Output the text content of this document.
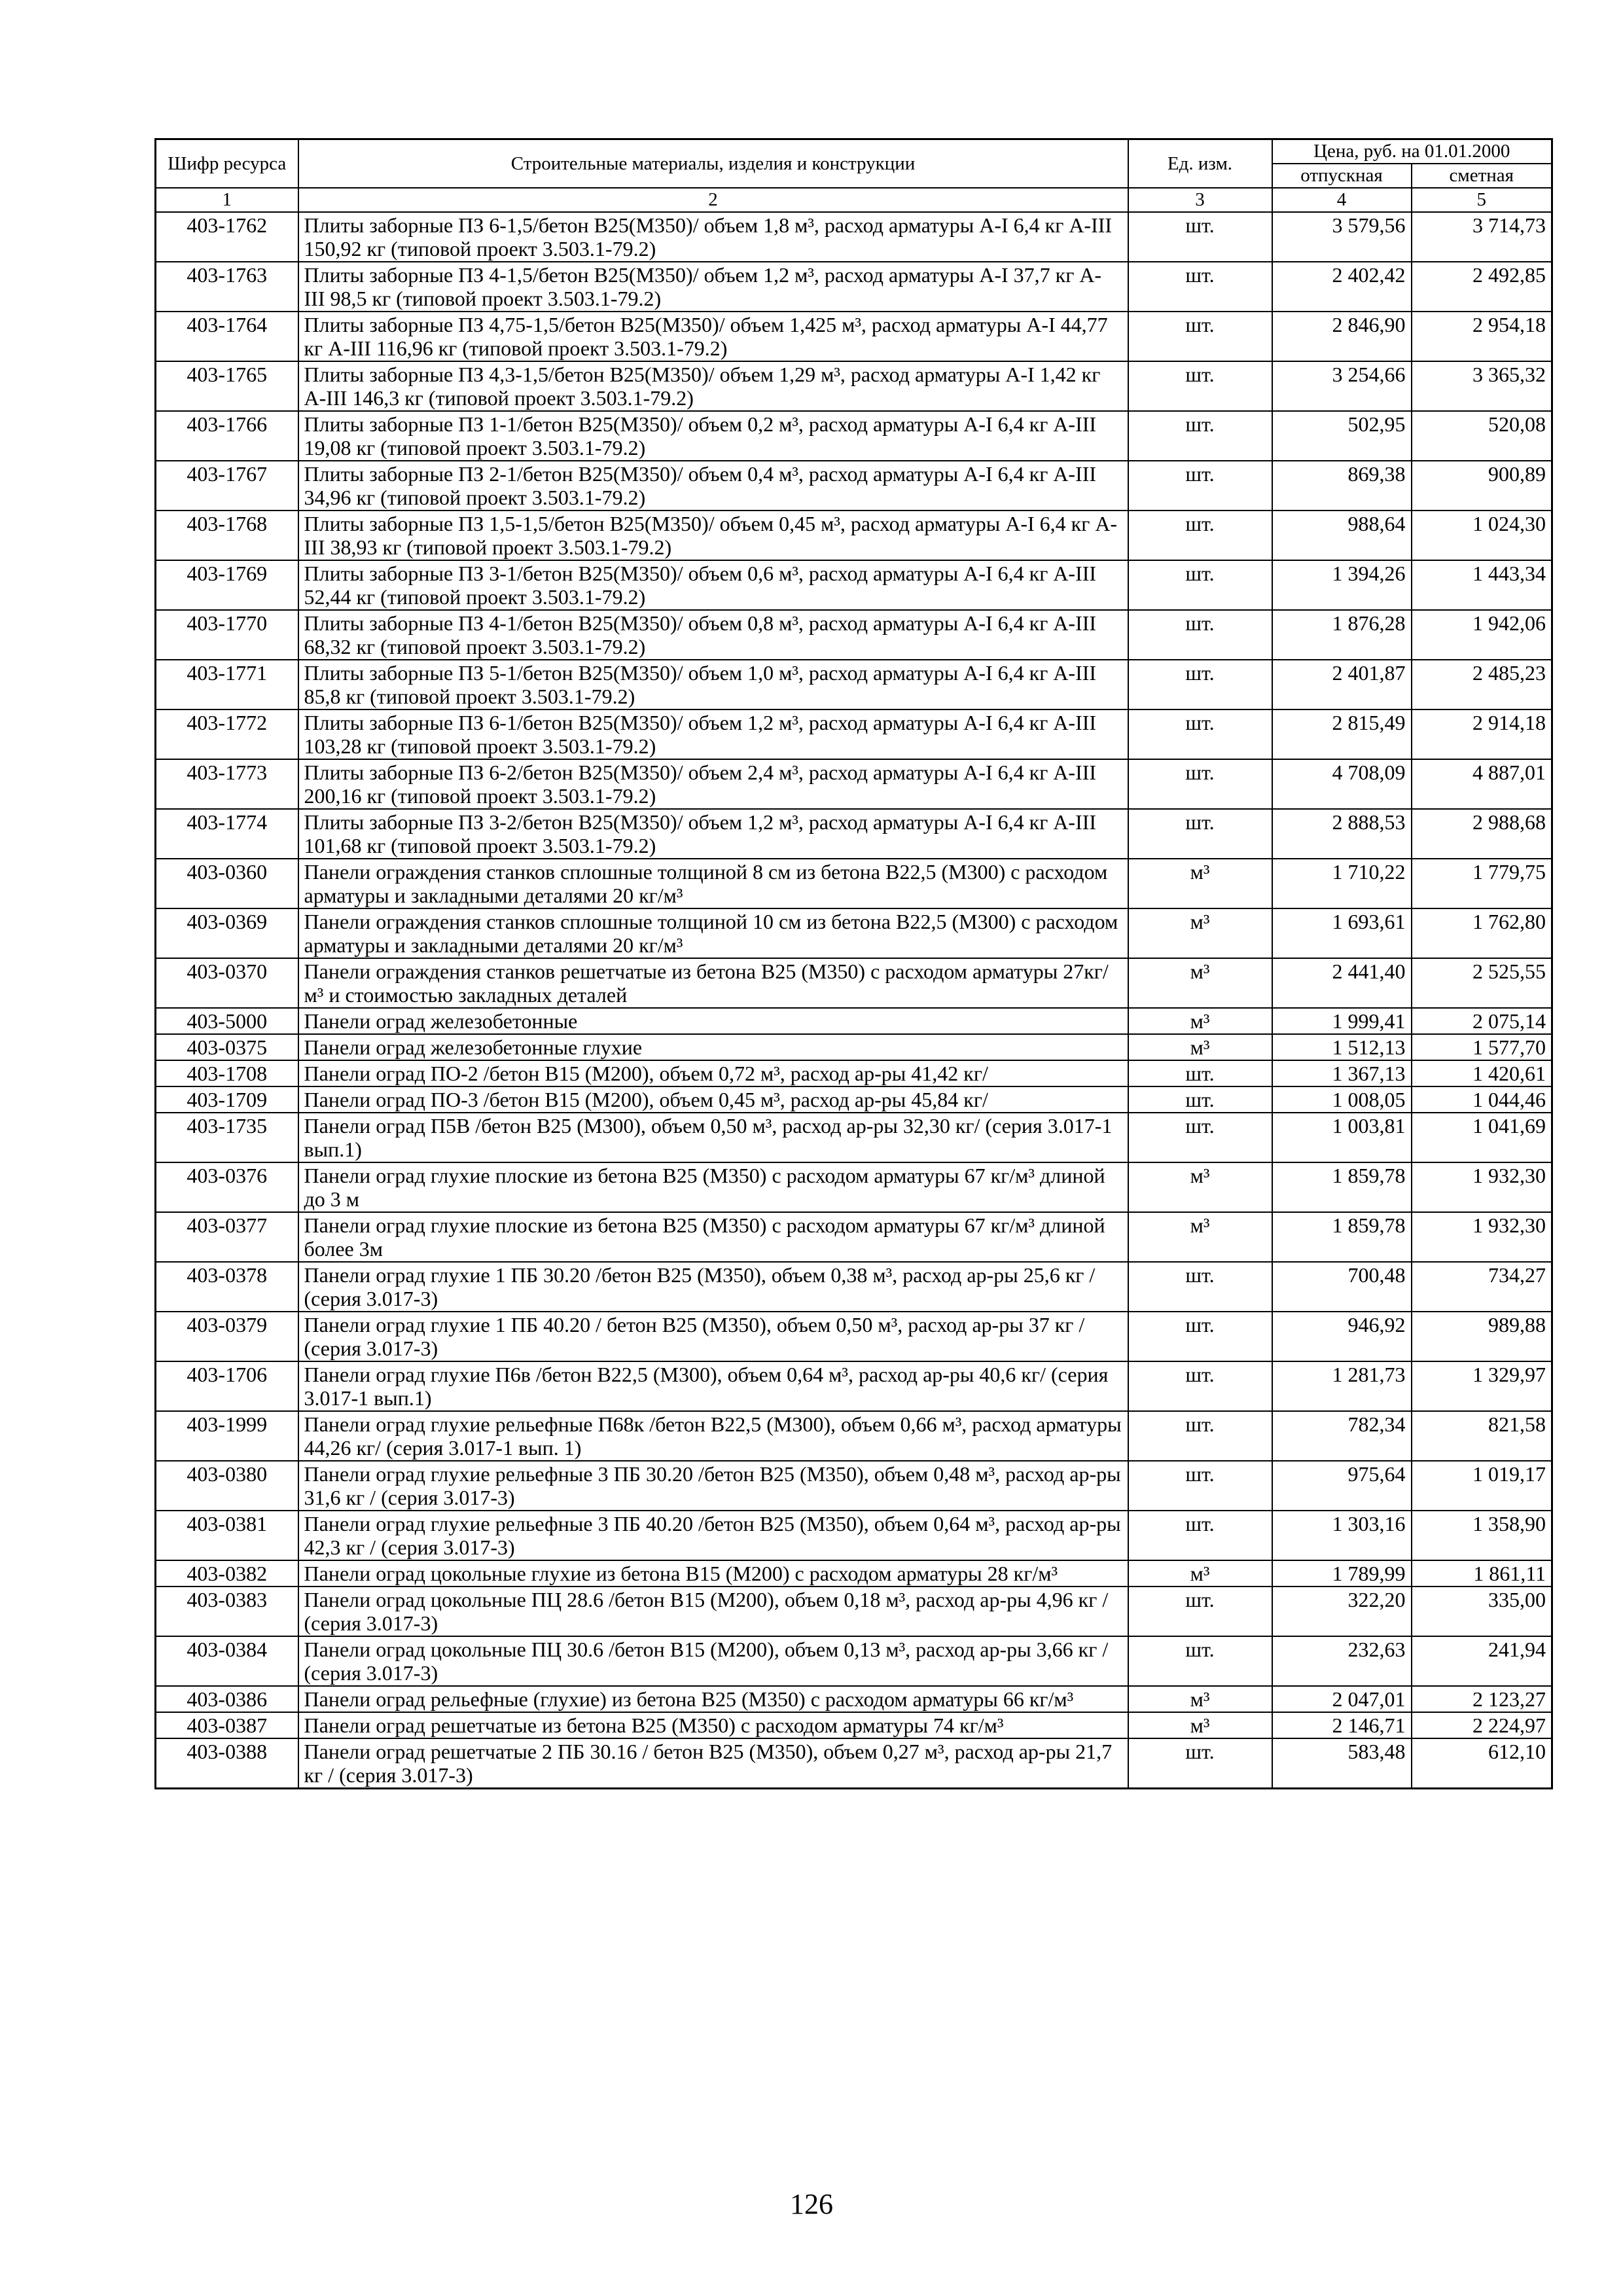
Шифр ресурса	Строительные материалы, изделия и конструкции	Ед. изм.	Цена, руб. на 01.01.2000	
			отпускная	сметная
1	2	3	4	5
403-1762	Плиты заборные ПЗ 6-1,5/бетон В25(М350)/ объем 1,8 м³, расход арматуры А-I 6,4 кг А-III 150,92 кг (типовой проект 3.503.1-79.2)	шт.	3 579,56	3 714,73
403-1763	Плиты заборные ПЗ 4-1,5/бетон В25(М350)/ объем 1,2 м³, расход арматуры А-I 37,7 кг А-III 98,5 кг (типовой проект 3.503.1-79.2)	шт.	2 402,42	2 492,85
403-1764	Плиты заборные ПЗ 4,75-1,5/бетон В25(М350)/ объем 1,425 м³, расход арматуры А-I 44,77 кг А-III 116,96 кг (типовой проект 3.503.1-79.2)	шт.	2 846,90	2 954,18
403-1765	Плиты заборные ПЗ 4,3-1,5/бетон В25(М350)/ объем 1,29 м³, расход арматуры А-I 1,42 кг А-III 146,3 кг (типовой проект 3.503.1-79.2)	шт.	3 254,66	3 365,32
403-1766	Плиты заборные ПЗ 1-1/бетон В25(М350)/ объем 0,2 м³, расход арматуры А-I 6,4 кг А-III 19,08 кг (типовой проект 3.503.1-79.2)	шт.	502,95	520,08
403-1767	Плиты заборные ПЗ 2-1/бетон В25(М350)/ объем 0,4 м³, расход арматуры А-I 6,4 кг А-III 34,96 кг (типовой проект 3.503.1-79.2)	шт.	869,38	900,89
403-1768	Плиты заборные ПЗ 1,5-1,5/бетон В25(М350)/ объем 0,45 м³, расход арматуры А-I 6,4 кг А-III 38,93 кг (типовой проект 3.503.1-79.2)	шт.	988,64	1 024,30
403-1769	Плиты заборные ПЗ 3-1/бетон В25(М350)/ объем 0,6 м³, расход арматуры А-I 6,4 кг А-III 52,44 кг (типовой проект 3.503.1-79.2)	шт.	1 394,26	1 443,34
403-1770	Плиты заборные ПЗ 4-1/бетон В25(М350)/ объем 0,8 м³, расход арматуры А-I 6,4 кг А-III 68,32 кг (типовой проект 3.503.1-79.2)	шт.	1 876,28	1 942,06
403-1771	Плиты заборные ПЗ 5-1/бетон В25(М350)/ объем 1,0 м³, расход арматуры А-I 6,4 кг А-III 85,8 кг (типовой проект 3.503.1-79.2)	шт.	2 401,87	2 485,23
403-1772	Плиты заборные ПЗ 6-1/бетон В25(М350)/ объем 1,2 м³, расход арматуры А-I 6,4 кг А-III 103,28 кг (типовой проект 3.503.1-79.2)	шт.	2 815,49	2 914,18
403-1773	Плиты заборные ПЗ 6-2/бетон В25(М350)/ объем 2,4 м³, расход арматуры А-I 6,4 кг А-III 200,16 кг (типовой проект 3.503.1-79.2)	шт.	4 708,09	4 887,01
403-1774	Плиты заборные ПЗ 3-2/бетон В25(М350)/ объем 1,2 м³, расход арматуры А-I 6,4 кг А-III 101,68 кг (типовой проект 3.503.1-79.2)	шт.	2 888,53	2 988,68
403-0360	Панели ограждения станков сплошные толщиной 8 см из бетона В22,5 (М300) с расходом арматуры и закладными деталями 20 кг/м³	м³	1 710,22	1 779,75
403-0369	Панели ограждения станков сплошные толщиной 10 см из бетона В22,5 (М300) с расходом арматуры и закладными деталями 20 кг/м³	м³	1 693,61	1 762,80
403-0370	Панели ограждения станков решетчатые из бетона В25 (М350) с расходом арматуры 27кг/м³ и стоимостью закладных деталей	м³	2 441,40	2 525,55
403-5000	Панели оград железобетонные	м³	1 999,41	2 075,14
403-0375	Панели оград железобетонные глухие	м³	1 512,13	1 577,70
403-1708	Панели оград ПО-2 /бетон В15 (М200), объем 0,72 м³, расход ар-ры 41,42 кг/	шт.	1 367,13	1 420,61
403-1709	Панели оград ПО-3 /бетон В15 (М200), объем 0,45 м³, расход ар-ры 45,84 кг/	шт.	1 008,05	1 044,46
403-1735	Панели оград П5В /бетон В25 (М300), объем 0,50 м³, расход ар-ры 32,30 кг/ (серия 3.017-1 вып.1)	шт.	1 003,81	1 041,69
403-0376	Панели оград глухие плоские из бетона В25 (М350) с расходом арматуры 67 кг/м³ длиной до 3 м	м³	1 859,78	1 932,30
403-0377	Панели оград глухие плоские из бетона В25 (М350) с расходом арматуры 67 кг/м³ длиной более 3м	м³	1 859,78	1 932,30
403-0378	Панели оград глухие 1 ПБ 30.20 /бетон В25 (М350), объем 0,38 м³, расход ар-ры 25,6 кг / (серия 3.017-3)	шт.	700,48	734,27
403-0379	Панели оград глухие 1 ПБ 40.20 / бетон В25 (М350), объем 0,50 м³, расход ар-ры 37 кг / (серия 3.017-3)	шт.	946,92	989,88
403-1706	Панели оград глухие П6в /бетон В22,5 (М300), объем 0,64 м³, расход ар-ры 40,6 кг/ (серия 3.017-1 вып.1)	шт.	1 281,73	1 329,97
403-1999	Панели оград глухие рельефные П68к /бетон В22,5 (М300), объем 0,66 м³, расход арматуры 44,26 кг/ (серия 3.017-1 вып. 1)	шт.	782,34	821,58
403-0380	Панели оград глухие рельефные 3 ПБ 30.20 /бетон В25 (М350), объем 0,48 м³, расход ар-ры 31,6 кг / (серия 3.017-3)	шт.	975,64	1 019,17
403-0381	Панели оград глухие рельефные 3 ПБ 40.20 /бетон В25 (М350), объем 0,64 м³, расход ар-ры 42,3 кг / (серия 3.017-3)	шт.	1 303,16	1 358,90
403-0382	Панели оград цокольные глухие из бетона В15 (М200) с расходом арматуры 28 кг/м³	м³	1 789,99	1 861,11
403-0383	Панели оград цокольные ПЦ 28.6 /бетон В15 (М200), объем 0,18 м³, расход ар-ры 4,96 кг / (серия 3.017-3)	шт.	322,20	335,00
403-0384	Панели оград цокольные ПЦ 30.6 /бетон В15 (М200), объем 0,13 м³, расход ар-ры 3,66 кг / (серия 3.017-3)	шт.	232,63	241,94
403-0386	Панели оград рельефные (глухие) из бетона В25 (М350) с расходом арматуры 66 кг/м³	м³	2 047,01	2 123,27
403-0387	Панели оград решетчатые из бетона В25 (М350) с расходом арматуры 74 кг/м³	м³	2 146,71	2 224,97
403-0388	Панели оград решетчатые 2 ПБ 30.16 / бетон В25 (М350), объем 0,27 м³, расход ар-ры 21,7 кг / (серия 3.017-3)	шт.	583,48	612,10
126
